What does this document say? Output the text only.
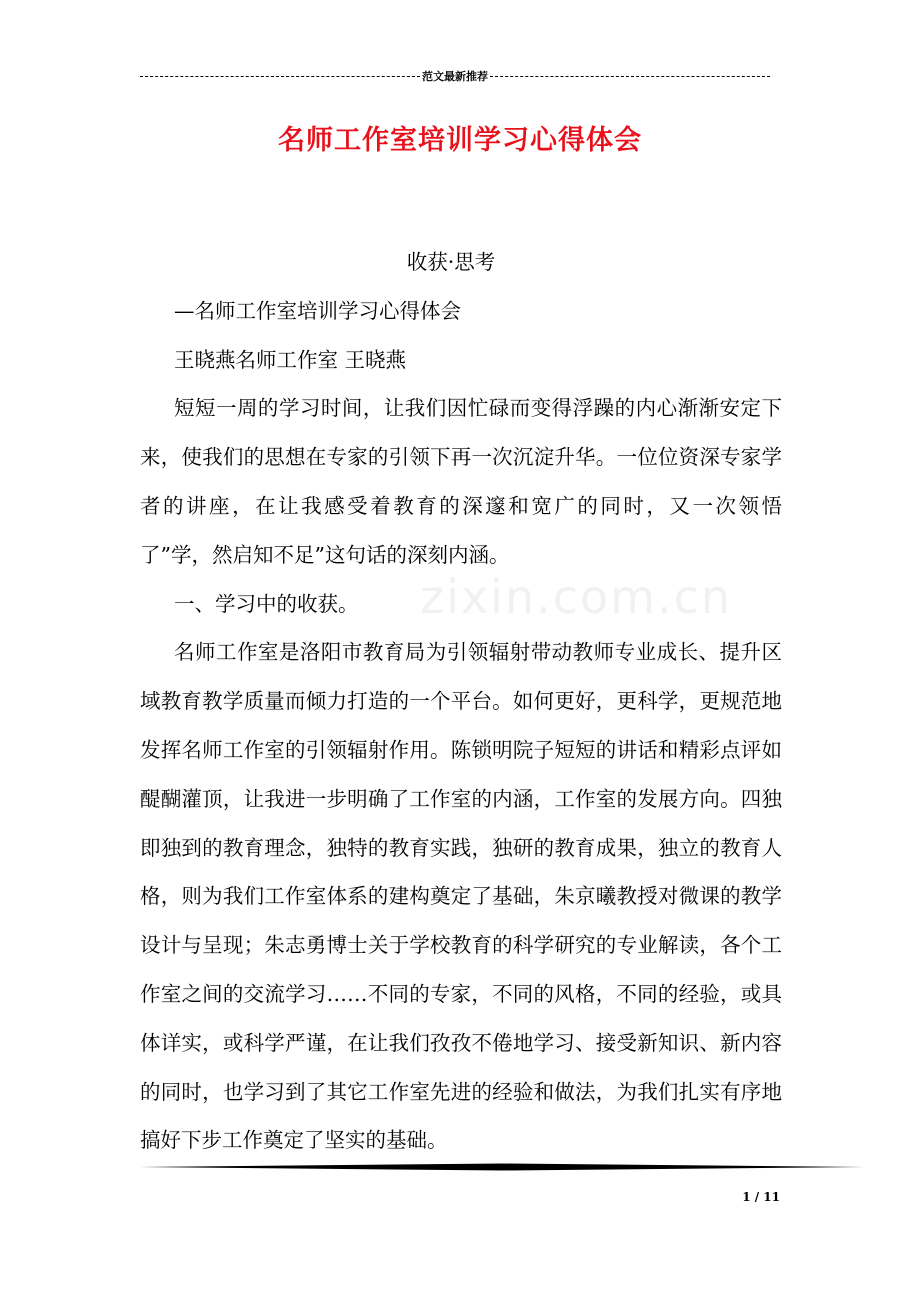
范文最新推荐
名师工作室培训学习心得体会
zixin.com.cn

收获·思考

—名师工作室培训学习心得体会

王晓燕名师工作室 王晓燕

短短一周的学习时间，让我们因忙碌而变得浮躁的内心渐渐安定下来，使我们的思想在专家的引领下再一次沉淀升华。一位位资深专家学者的讲座，在让我感受着教育的深邃和宽广的同时，又一次领悟了”学，然启知不足”这句话的深刻内涵。

一、学习中的收获。

名师工作室是洛阳市教育局为引领辐射带动教师专业成长、提升区域教育教学质量而倾力打造的一个平台。如何更好，更科学，更规范地发挥名师工作室的引领辐射作用。陈锁明院子短短的讲话和精彩点评如醍醐灌顶，让我进一步明确了工作室的内涵，工作室的发展方向。四独即独到的教育理念，独特的教育实践，独研的教育成果，独立的教育人格，则为我们工作室体系的建构奠定了基础，朱京曦教授对微课的教学设计与呈现；朱志勇博士关于学校教育的科学研究的专业解读，各个工作室之间的交流学习……不同的专家，不同的风格，不同的经验，或具体详实，或科学严谨，在让我们孜孜不倦地学习、接受新知识、新内容的同时，也学习到了其它工作室先进的经验和做法，为我们扎实有序地搞好下步工作奠定了坚实的基础。

1 / 11
